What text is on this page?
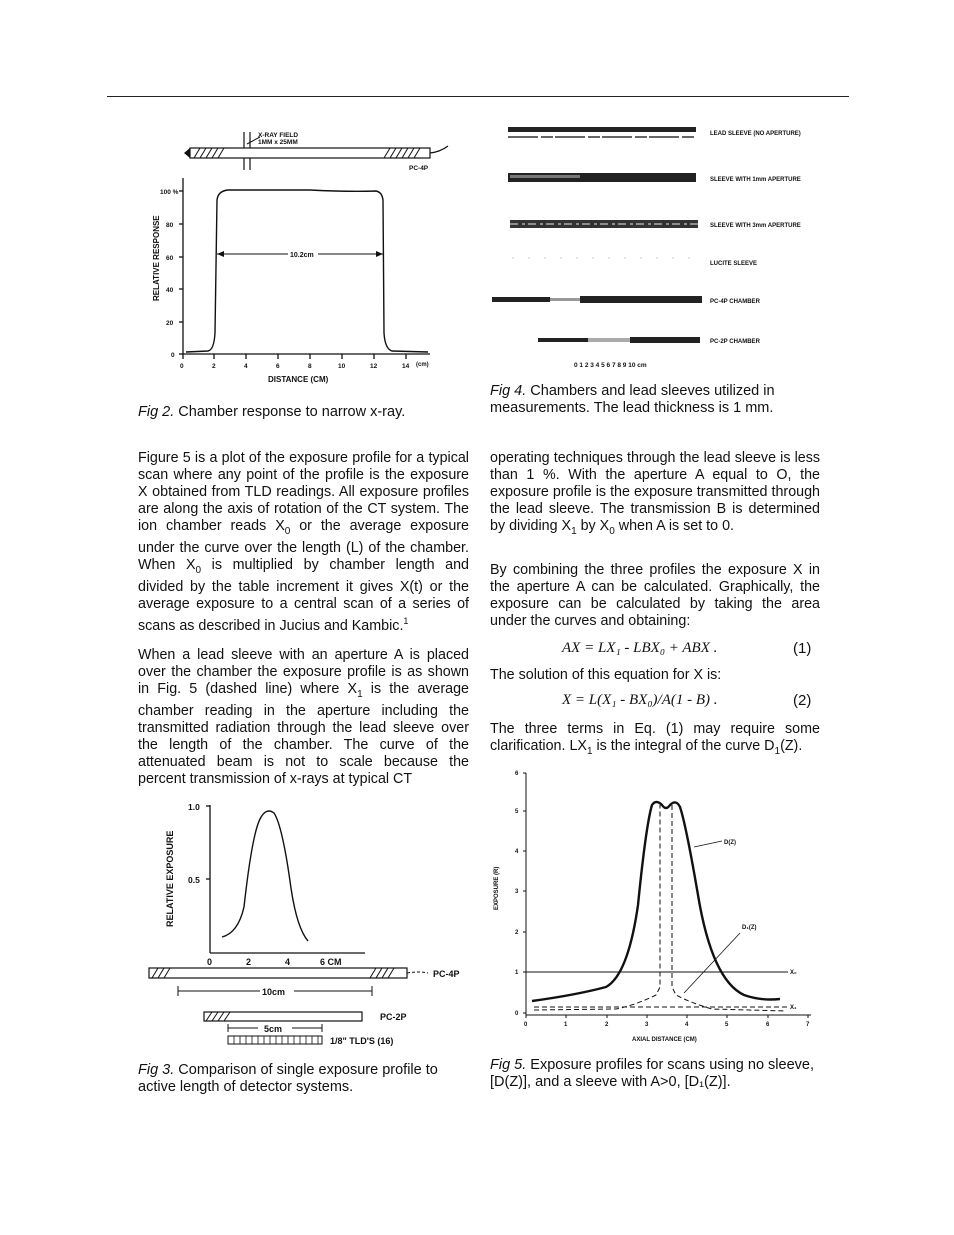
X-RAY FIELD
1MM x 25MM
PC-4P
100 %
80
60
40
20
0
RELATIVE RESPONSE
0	2	4	6	8	10	12	14 (cm)
DISTANCE (CM)
10.2cm
Fig 2. Chamber response to narrow x-ray.
LEAD SLEEVE (NO APERTURE)
SLEEVE WITH 1mm APERTURE
SLEEVE WITH 3mm APERTURE
LUCITE SLEEVE
PC-4P CHAMBER
PC-2P CHAMBER
0 1 2 3 4 5 6 7 8 9 10 cm
Fig 4. Chambers and lead sleeves utilized in measurements. The lead thickness is 1 mm.
Figure 5 is a plot of the exposure profile for a typical scan where any point of the profile is the exposure X obtained from TLD readings. All exposure profiles are along the axis of rotation of the CT system. The ion chamber reads $X_0$ or the average exposure under the curve over the length (L) of the chamber. When $X_0$ is multiplied by chamber length and divided by the table increment it gives X(t) or the average exposure to a central scan of a series of scans as described in Jucius and Kambic.$^1$
When a lead sleeve with an aperture A is placed over the chamber the exposure profile is as shown in Fig. 5 (dashed line) where $X_1$ is the average chamber reading in the aperture including the transmitted radiation through the lead sleeve over the length of the chamber. The curve of the attenuated beam is not to scale because the percent transmission of x-rays at typical CT
operating techniques through the lead sleeve is less than 1 %. With the aperture A equal to O, the exposure profile is the exposure transmitted through the lead sleeve. The transmission B is determined by dividing $X_1$ by $X_0$ when A is set to 0.
By combining the three profiles the exposure X in the aperture A can be calculated. Graphically, the exposure can be calculated by taking the area under the curves and obtaining:
AX = LX₁ - LBX₀ + ABX .	(1)
The solution of this equation for X is:
X = L(X₁ - BX₀)/A(1 - B) .	(2)
The three terms in Eq. (1) may require some clarification. $LX_1$ is the integral of the curve $D_1(Z)$.
1.0
0.5
RELATIVE EXPOSURE
0	2	4	6 CM
PC-4P
10cm
PC-2P
5cm
1/8" TLD'S (16)
Fig 3. Comparison of single exposure profile to active length of detector systems.
6
5
4
3
2
1
0
EXPOSURE (R)
0	1	2	3	4	5	6	7
AXIAL DISTANCE (CM)
X₀
X₁
D(Z)
D₁(Z)
Fig 5. Exposure profiles for scans using no sleeve, [D(Z)], and a sleeve with A>0, [D₁(Z)].
